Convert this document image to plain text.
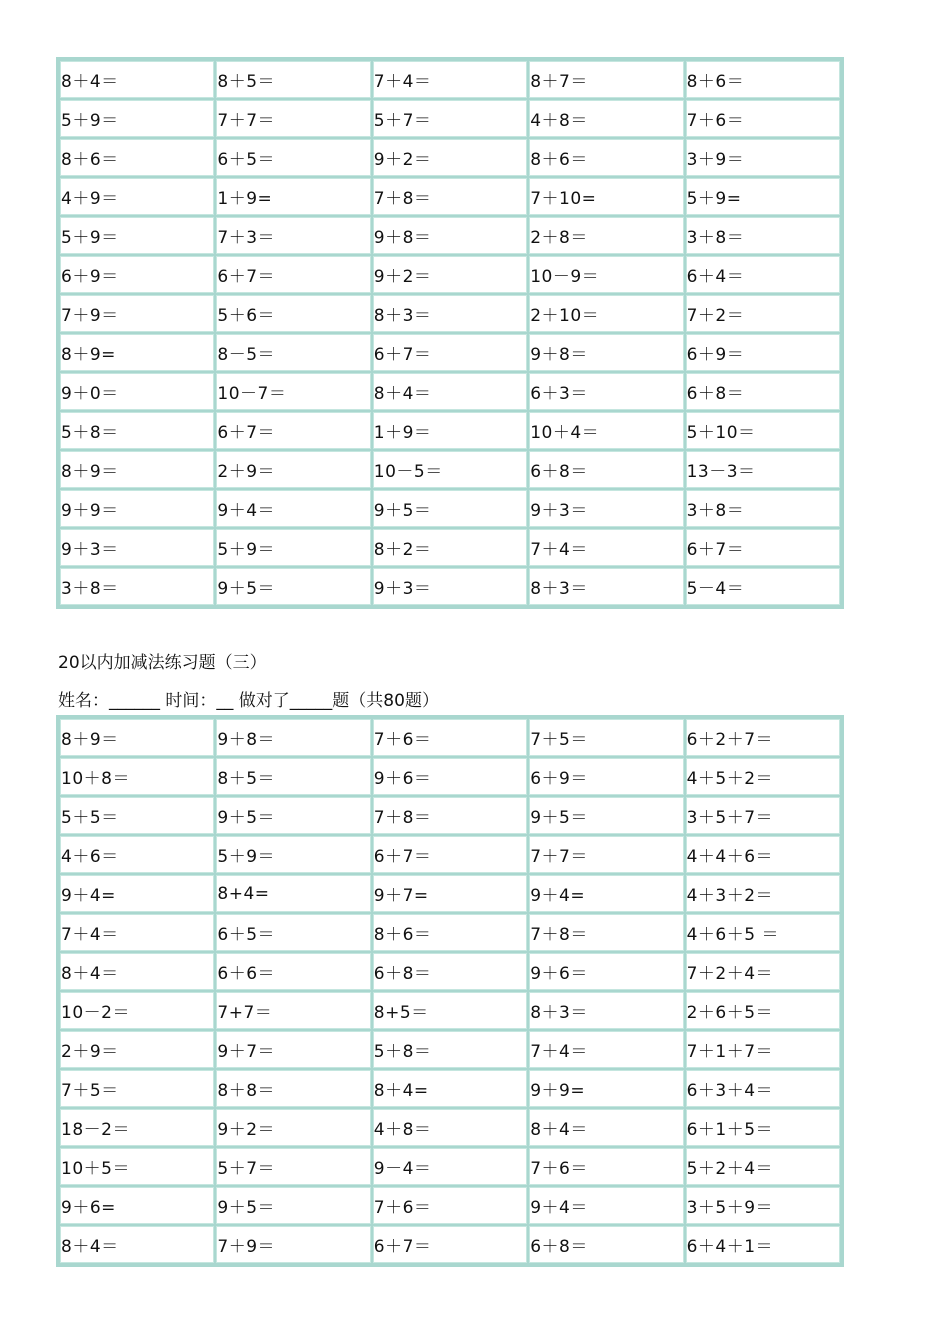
8＋4＝	8＋5＝	7＋4＝	8＋7＝	8＋6＝
5＋9＝	7＋7＝	5＋7＝	4＋8＝	7＋6＝
8＋6＝	6＋5＝	9＋2＝	8＋6＝	3＋9＝
4＋9＝	1＋9=	7＋8＝	7＋10=	5＋9=
5＋9＝	7＋3＝	9＋8＝	2＋8＝	3＋8＝
6＋9＝	6＋7＝	9＋2＝	10－9＝	6＋4＝
7＋9＝	5＋6＝	8＋3＝	2＋10＝	7＋2＝
8＋9=	8－5＝	6＋7＝	9＋8＝	6＋9＝
9＋0＝	10－7＝	8＋4＝	6＋3＝	6＋8＝
5＋8＝	6＋7＝	1＋9＝	10＋4＝	5＋10＝
8＋9＝	2＋9＝	10－5＝	6＋8＝	13－3＝
9＋9＝	9＋4＝	9＋5＝	9＋3＝	3＋8＝
9＋3＝	5＋9＝	8＋2＝	7＋4＝	6＋7＝
3＋8＝	9＋5＝	9＋3＝	8＋3＝	5－4＝
20以内加减法练习题（三）
姓名：______ 时间：__ 做对了_____题（共80题）
8＋9＝	9＋8＝	7＋6＝	7＋5＝	6＋2＋7＝
10＋8＝	8＋5＝	9＋6＝	6＋9＝	4＋5＋2＝
5＋5＝	9＋5＝	7＋8＝	9＋5＝	3＋5＋7＝
4＋6＝	5＋9＝	6＋7＝	7＋7＝	4＋4＋6＝
9＋4=	8+4=	9＋7=	9＋4=	4＋3＋2＝
7＋4＝	6＋5＝	8＋6＝	7＋8＝	4＋6＋5 ＝
8＋4＝	6＋6＝	6＋8＝	9＋6＝	7＋2＋4＝
10－2＝	7+7＝	8+5＝	8＋3＝	2＋6＋5＝
2＋9＝	9＋7＝	5＋8＝	7＋4＝	7＋1＋7＝
7＋5＝	8＋8＝	8＋4=	9＋9=	6＋3＋4＝
18－2＝	9＋2＝	4＋8＝	8＋4＝	6＋1＋5＝
10＋5＝	5＋7＝	9－4＝	7＋6＝	5＋2＋4＝
9＋6=	9＋5＝	7＋6＝	9＋4＝	3＋5＋9＝
8＋4＝	7＋9＝	6＋7＝	6＋8＝	6＋4＋1＝
